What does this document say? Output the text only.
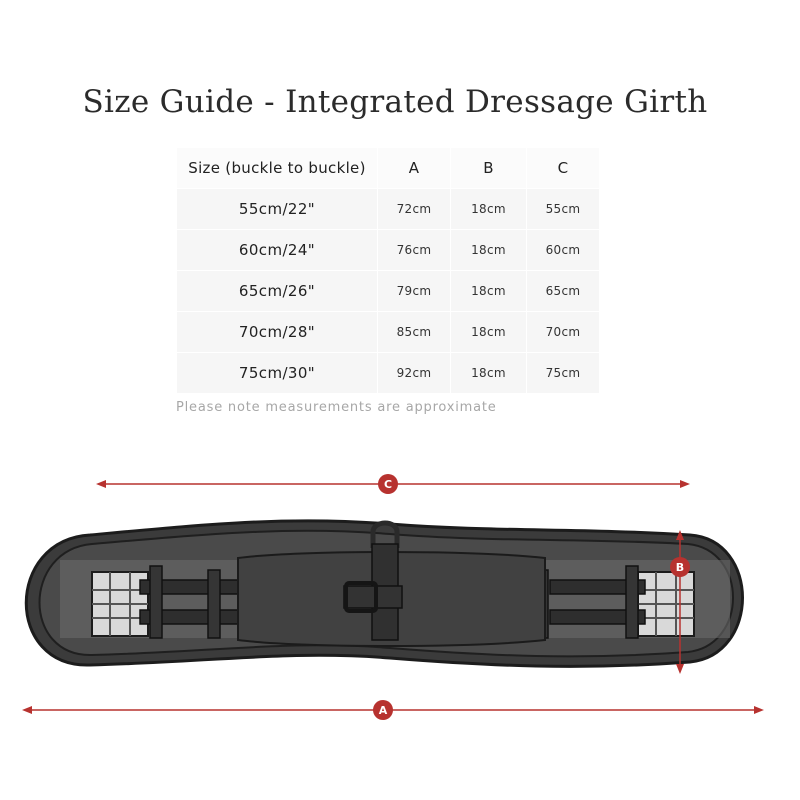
Size Guide - Integrated Dressage Girth
Size (buckle to buckle)	A	B	C
55cm/22"	72cm	18cm	55cm
60cm/24"	76cm	18cm	60cm
65cm/26"	79cm	18cm	65cm
70cm/28"	85cm	18cm	70cm
75cm/30"	92cm	18cm	75cm
Please note measurements are approximate
C
B
A
